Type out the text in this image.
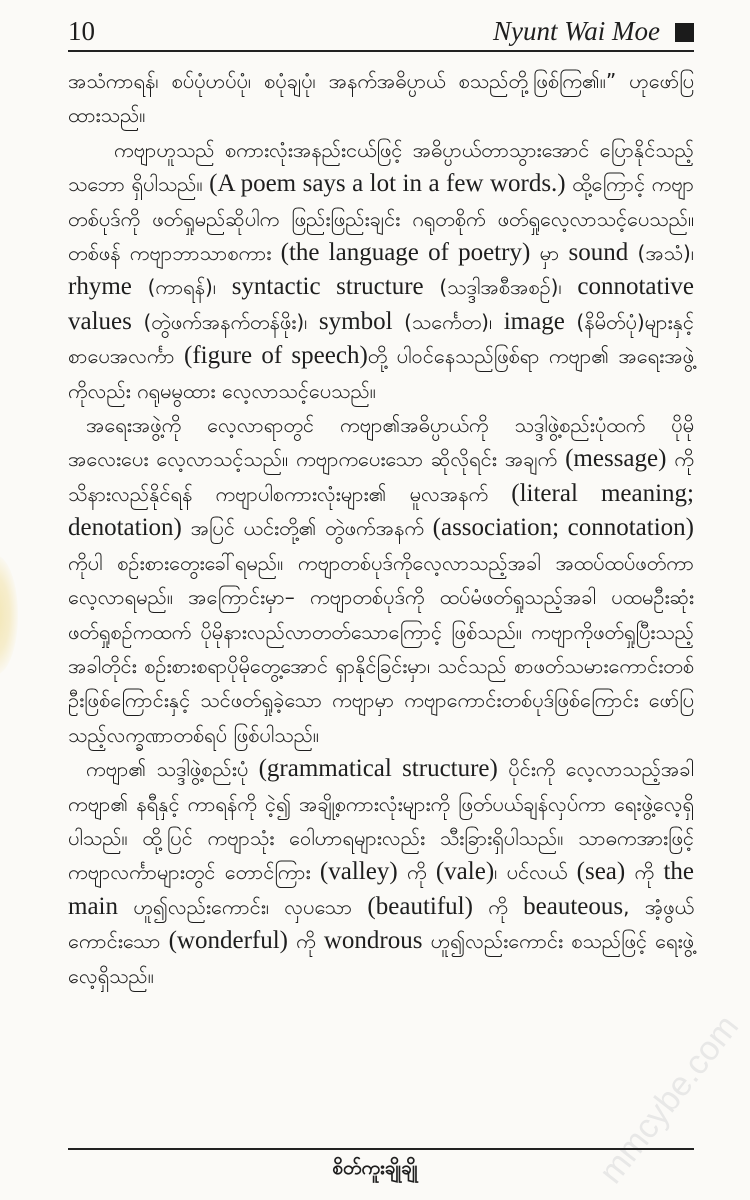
10	Nyunt Wai Moe

အသံကာရန်၊ စပ်ပုံဟပ်ပုံ၊ စပုံချပုံ၊ အနက်အဓိပ္ပာယ် စသည်တို့ဖြစ်ကြ၏။” ဟုဖော်ပြထားသည်။

ကဗျာဟူသည် စကားလုံးအနည်းငယ်ဖြင့် အဓိပ္ပာယ်တာသွားအောင် ပြောနိုင်သည့်သဘော ရှိပါသည်။ (A poem says a lot in a few words.) ထို့ကြောင့် ကဗျာတစ်ပုဒ်ကို ဖတ်ရှုမည်ဆိုပါက ဖြည်းဖြည်းချင်း ဂရုတစိုက် ဖတ်ရှုလေ့လာသင့်ပေသည်။ တစ်ဖန် ကဗျာဘာသာစကား (the language of poetry) မှာ sound (အသံ)၊ rhyme (ကာရန်)၊ syntactic structure (သဒ္ဒါအစီအစဉ်)၊ connotative values (တွဲဖက်အနက်တန်ဖိုး)၊ symbol (သင်္ကေတ)၊ image (နိမိတ်ပုံ)များနှင့် စာပေအလင်္ကာ (figure of speech)တို့ ပါဝင်နေသည်ဖြစ်ရာ ကဗျာ၏ အရေးအဖွဲ့ကိုလည်း ဂရုမမွထား လေ့လာသင့်ပေသည်။

အရေးအဖွဲ့ကို လေ့လာရာတွင် ကဗျာ၏အဓိပ္ပာယ်ကို သဒ္ဒါဖွဲ့စည်းပုံထက် ပိုမိုအလေးပေး လေ့လာသင့်သည်။ ကဗျာကပေးသော ဆိုလိုရင်း အချက် (message) ကို သိနားလည်နိုင်ရန် ကဗျာပါစကားလုံးများ၏ မူလအနက် (literal meaning; denotation) အပြင် ယင်းတို့၏ တွဲဖက်အနက် (association; connotation) ကိုပါ စဉ်းစားတွေးခေါ်ရမည်။ ကဗျာတစ်ပုဒ်ကိုလေ့လာသည့်အခါ အထပ်ထပ်ဖတ်ကာ လေ့လာရမည်။ အကြောင်းမှာ– ကဗျာတစ်ပုဒ်ကို ထပ်မံဖတ်ရှုသည့်အခါ ပထမဦးဆုံး ဖတ်ရှုစဉ်ကထက် ပိုမိုနားလည်လာတတ်သောကြောင့် ဖြစ်သည်။ ကဗျာကိုဖတ်ရှုပြီးသည့်အခါတိုင်း စဉ်းစားစရာပိုမိုတွေ့အောင် ရှာနိုင်ခြင်းမှာ၊ သင်သည် စာဖတ်သမားကောင်းတစ်ဦးဖြစ်ကြောင်းနှင့် သင်ဖတ်ရှုခဲ့သော ကဗျာမှာ ကဗျာကောင်းတစ်ပုဒ်ဖြစ်ကြောင်း ဖော်ပြသည့်လက္ခဏာတစ်ရပ် ဖြစ်ပါသည်။

ကဗျာ၏ သဒ္ဒါဖွဲ့စည်းပုံ (grammatical structure) ပိုင်းကို လေ့လာသည့်အခါ ကဗျာ၏ နရီနှင့် ကာရန်ကို ငဲ့၍ အချို့စကားလုံးများကို ဖြတ်ပယ်ချန်လှပ်ကာ ရေးဖွဲ့လေ့ရှိပါသည်။ ထို့ပြင် ကဗျာသုံး ဝေါဟာရများလည်း သီးခြားရှိပါသည်။ သာဓကအားဖြင့် ကဗျာလင်္ကာများတွင် တောင်ကြား (valley) ကို (vale)၊ ပင်လယ် (sea) ကို the main ဟူ၍လည်းကောင်း၊ လှပသော (beautiful) ကို beauteous, အံ့ဖွယ်ကောင်းသော (wonderful) ကို wondrous ဟူ၍လည်းကောင်း စသည်ဖြင့် ရေးဖွဲ့လေ့ရှိသည်။

mmcybe.com
စိတ်ကူးချိုချို
